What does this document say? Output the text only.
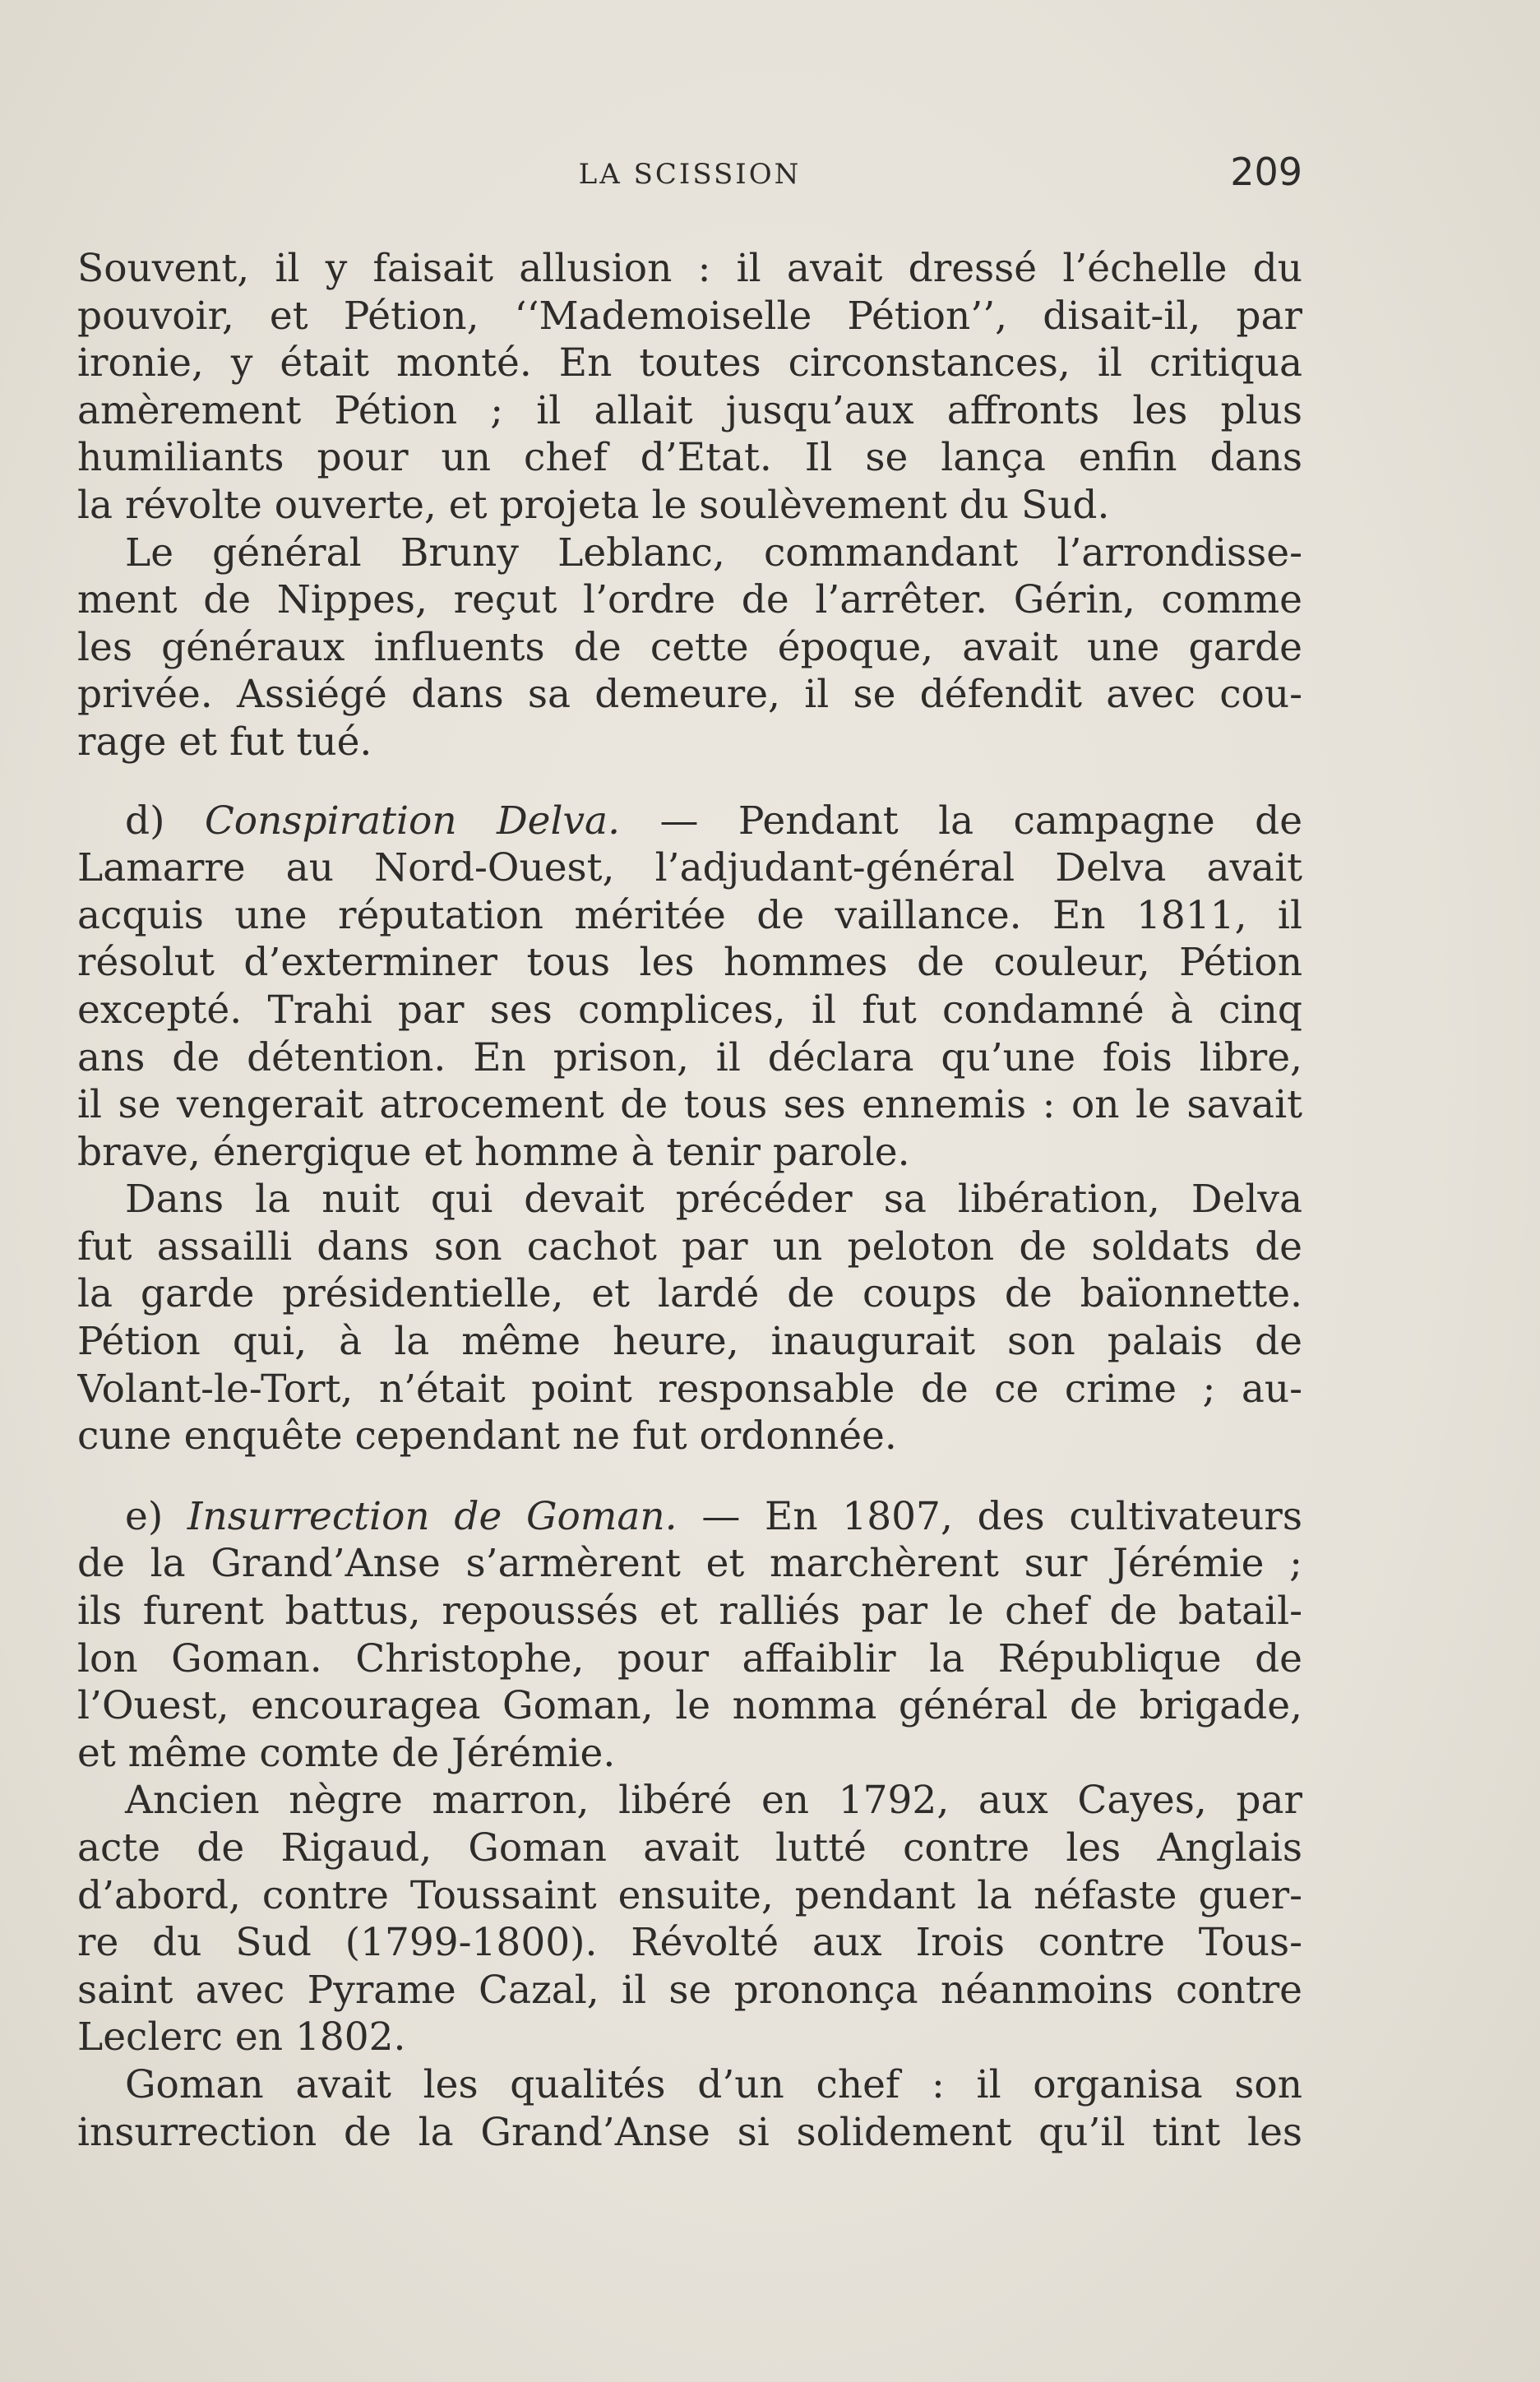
LA SCISSION	209
Souvent, il y faisait allusion : il avait dressé l’échelle du
pouvoir, et Pétion, ‘‘Mademoiselle Pétion’’, disait-il, par
ironie, y était monté. En toutes circonstances, il critiqua
amèrement Pétion ; il allait jusqu’aux affronts les plus
humiliants pour un chef d’Etat. Il se lança enfin dans
la révolte ouverte, et projeta le soulèvement du Sud.
Le général Bruny Leblanc, commandant l’arrondisse-
ment de Nippes, reçut l’ordre de l’arrêter. Gérin, comme
les généraux influents de cette époque, avait une garde
privée. Assiégé dans sa demeure, il se défendit avec cou-
rage et fut tué.
d) Conspiration Delva. — Pendant la campagne de
Lamarre au Nord-Ouest, l’adjudant-général Delva avait
acquis une réputation méritée de vaillance. En 1811, il
résolut d’exterminer tous les hommes de couleur, Pétion
excepté. Trahi par ses complices, il fut condamné à cinq
ans de détention. En prison, il déclara qu’une fois libre,
il se vengerait atrocement de tous ses ennemis : on le savait
brave, énergique et homme à tenir parole.
Dans la nuit qui devait précéder sa libération, Delva
fut assailli dans son cachot par un peloton de soldats de
la garde présidentielle, et lardé de coups de baïonnette.
Pétion qui, à la même heure, inaugurait son palais de
Volant-le-Tort, n’était point responsable de ce crime ; au-
cune enquête cependant ne fut ordonnée.
e) Insurrection de Goman. — En 1807, des cultivateurs
de la Grand’Anse s’armèrent et marchèrent sur Jérémie ;
ils furent battus, repoussés et ralliés par le chef de batail-
lon Goman. Christophe, pour affaiblir la République de
l’Ouest, encouragea Goman, le nomma général de brigade,
et même comte de Jérémie.
Ancien nègre marron, libéré en 1792, aux Cayes, par
acte de Rigaud, Goman avait lutté contre les Anglais
d’abord, contre Toussaint ensuite, pendant la néfaste guer-
re du Sud (1799-1800). Révolté aux Irois contre Tous-
saint avec Pyrame Cazal, il se prononça néanmoins contre
Leclerc en 1802.
Goman avait les qualités d’un chef : il organisa son
insurrection de la Grand’Anse si solidement qu’il tint les
